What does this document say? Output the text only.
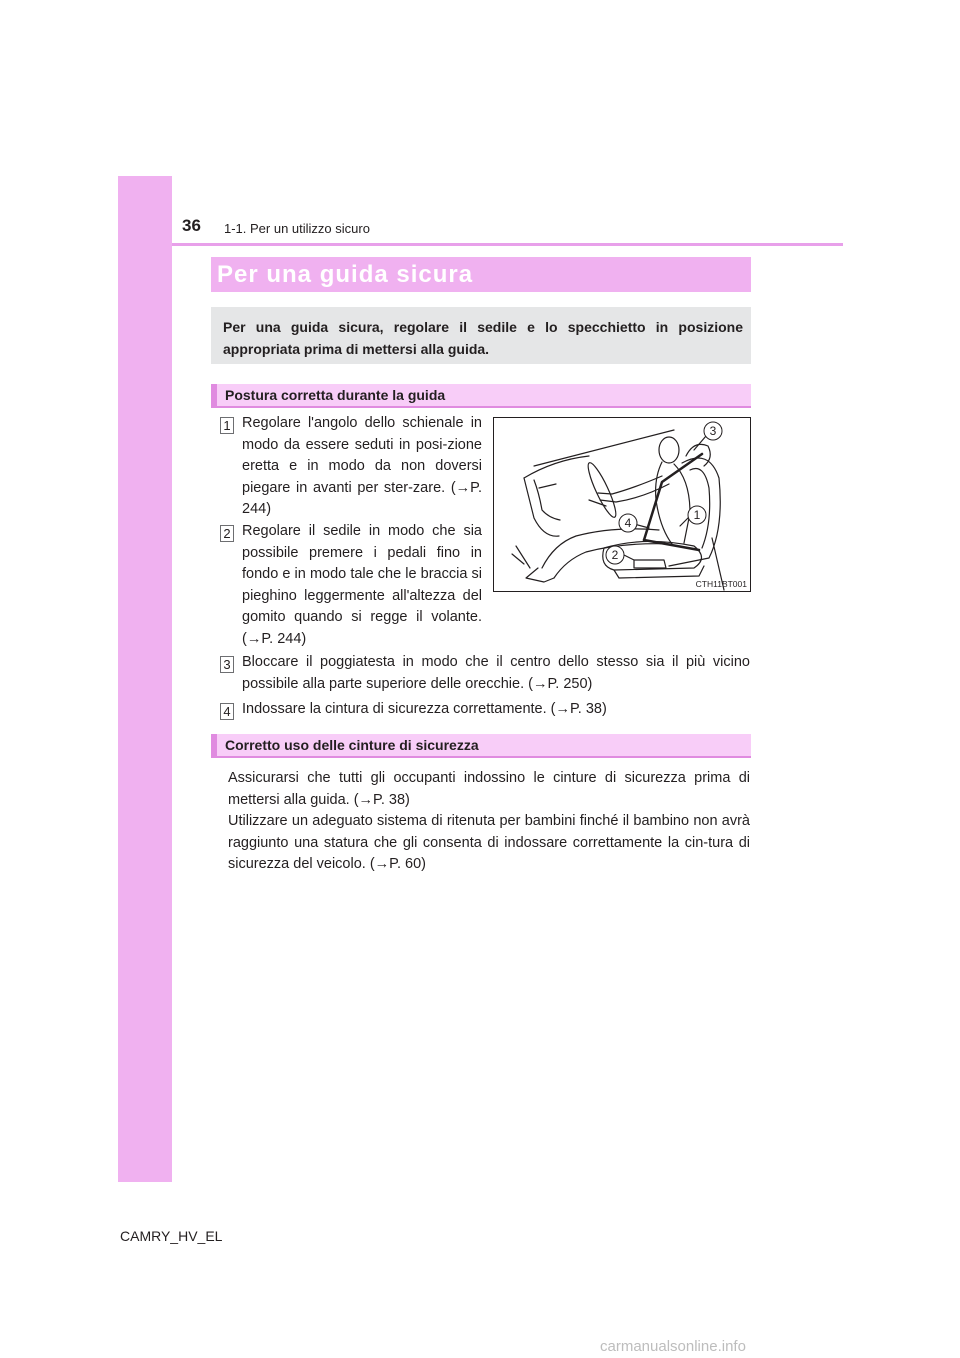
36 1-1. Per un utilizzo sicuro
Per una guida sicura
Per una guida sicura, regolare il sedile e lo specchietto in posizione appropriata prima di mettersi alla guida.
Postura corretta durante la guida
1 Regolare l'angolo dello schienale in modo da essere seduti in posi-zione eretta e in modo da non doversi piegare in avanti per ster-zare. (→P. 244)
2 Regolare il sedile in modo che sia possibile premere i pedali fino in fondo e in modo tale che le braccia si pieghino leggermente all'altezza del gomito quando si regge il volante. (→P. 244)
3 Bloccare il poggiatesta in modo che il centro dello stesso sia il più vicino possibile alla parte superiore delle orecchie. (→P. 250)
4 Indossare la cintura di sicurezza correttamente. (→P. 38)
3
1
4
2
CTH11BT001
Corretto uso delle cinture di sicurezza
Assicurarsi che tutti gli occupanti indossino le cinture di sicurezza prima di mettersi alla guida. (→P. 38)
Utilizzare un adeguato sistema di ritenuta per bambini finché il bambino non avrà raggiunto una statura che gli consenta di indossare correttamente la cin-tura di sicurezza del veicolo. (→P. 60)
CAMRY_HV_EL
carmanualsonline.info
